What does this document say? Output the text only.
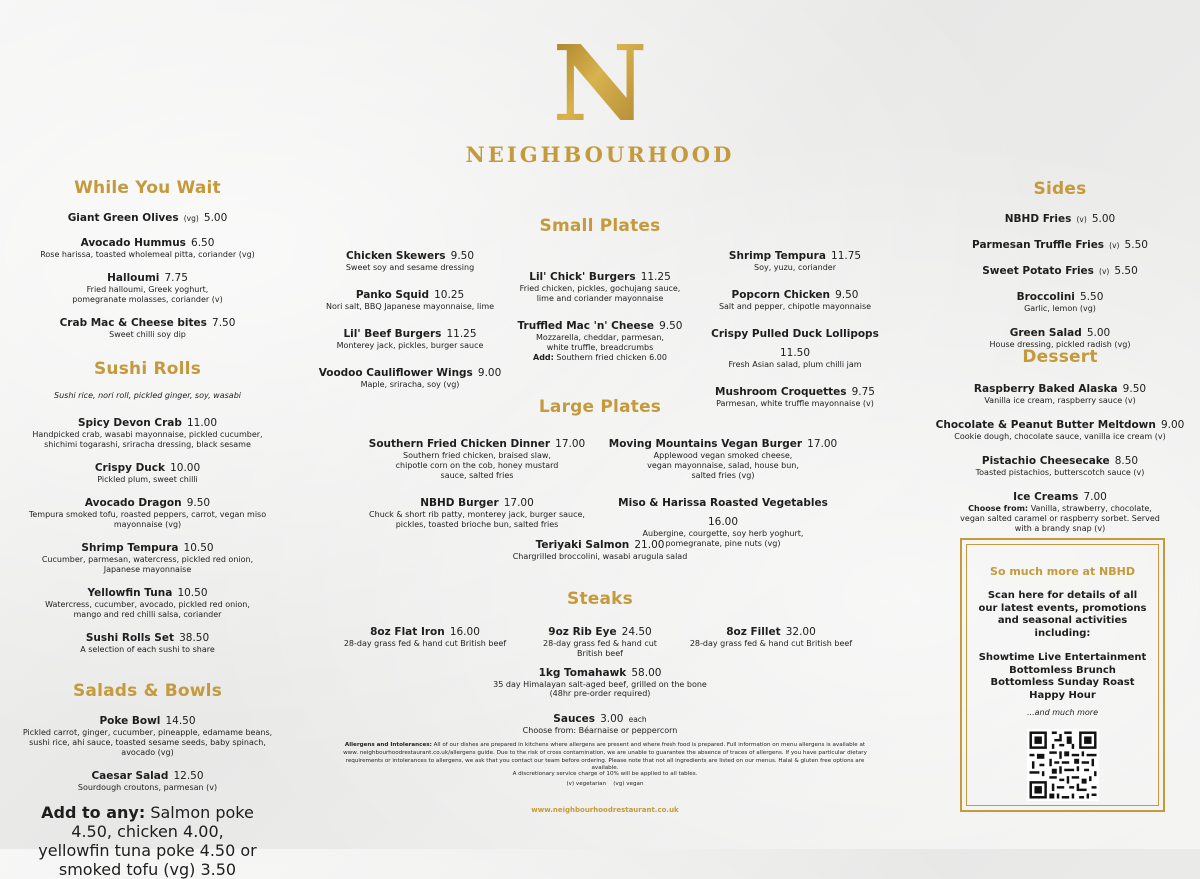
N
NEIGHBOURHOOD
While You Wait
Giant Green Olives (vg) 5.00
Avocado Hummus 6.50
Rose harissa, toasted wholemeal pitta, coriander (vg)
Halloumi 7.75
Fried halloumi, Greek yoghurt, pomegranate molasses, coriander (v)
Crab Mac & Cheese bites 7.50
Sweet chilli soy dip
Sushi Rolls
Sushi rice, nori roll, pickled ginger, soy, wasabi
Spicy Devon Crab 11.00
Handpicked crab, wasabi mayonnaise, pickled cucumber, shichimi togarashi, sriracha dressing, black sesame
Crispy Duck 10.00
Pickled plum, sweet chilli
Avocado Dragon 9.50
Tempura smoked tofu, roasted peppers, carrot, vegan miso mayonnaise (vg)
Shrimp Tempura 10.50
Cucumber, parmesan, watercress, pickled red onion, Japanese mayonnaise
Yellowfin Tuna 10.50
Watercress, cucumber, avocado, pickled red onion, mango and red chilli salsa, coriander
Sushi Rolls Set 38.50
A selection of each sushi to share
Salads & Bowls
Poke Bowl 14.50
Pickled carrot, ginger, cucumber, pineapple, edamame beans, sushi rice, ahi sauce, toasted sesame seeds, baby spinach, avocado (vg)
Caesar Salad 12.50
Sourdough croutons, parmesan (v)
Add to any: Salmon poke 4.50, chicken 4.00, yellowfin tuna poke 4.50 or smoked tofu (vg) 3.50
Small Plates
Chicken Skewers 9.50
Sweet soy and sesame dressing
Panko Squid 10.25
Nori salt, BBQ Japanese mayonnaise, lime
Lil' Beef Burgers 11.25
Monterey jack, pickles, burger sauce
Voodoo Cauliflower Wings 9.00
Maple, sriracha, soy (vg)
Lil' Chick' Burgers 11.25
Fried chicken, pickles, gochujang sauce, lime and coriander mayonnaise
Truffled Mac 'n' Cheese 9.50
Mozzarella, cheddar, parmesan, white truffle, breadcrumbs
Add: Southern fried chicken 6.00
Shrimp Tempura 11.75
Soy, yuzu, coriander
Popcorn Chicken 9.50
Salt and pepper, chipotle mayonnaise
Crispy Pulled Duck Lollipops 11.50
Fresh Asian salad, plum chilli jam
Mushroom Croquettes 9.75
Parmesan, white truffle mayonnaise (v)
Large Plates
Southern Fried Chicken Dinner 17.00
Southern fried chicken, braised slaw, chipotle corn on the cob, honey mustard sauce, salted fries
NBHD Burger 17.00
Chuck & short rib patty, monterey jack, burger sauce, pickles, toasted brioche bun, salted fries
Moving Mountains Vegan Burger 17.00
Applewood vegan smoked cheese, vegan mayonnaise, salad, house bun, salted fries (vg)
Miso & Harissa Roasted Vegetables 16.00
Aubergine, courgette, soy herb yoghurt, pomegranate, pine nuts (vg)
Teriyaki Salmon 21.00
Chargrilled broccolini, wasabi arugula salad
Steaks
8oz Flat Iron 16.00
28-day grass fed & hand cut British beef
9oz Rib Eye 24.50
28-day grass fed & hand cut British beef
8oz Fillet 32.00
28-day grass fed & hand cut British beef
1kg Tomahawk 58.00
35 day Himalayan salt-aged beef, grilled on the bone
(48hr pre-order required)
Sauces 3.00 each
Choose from: Béarnaise or peppercorn
Allergens and Intolerances: All of our dishes are prepared in kitchens where allergens are present and where fresh food is prepared. Full information on menu allergens is available at www. neighbourhoodrestaurant.co.uk/allergens guide. Due to the risk of cross contamination, we are unable to guarantee the absence of traces of allergens. If you have particular dietary requirements or intolerances to allergens, we ask that you contact our team before ordering. Please note that not all ingredients are listed on our menus. Halal & gluten free options are available.
A discretionary service charge of 10% will be applied to all tables.
(v) vegetarian    (vg) vegan
www.neighbourhoodrestaurant.co.uk
Sides
NBHD Fries (v) 5.00
Parmesan Truffle Fries (v) 5.50
Sweet Potato Fries (v) 5.50
Broccolini 5.50
Garlic, lemon (vg)
Green Salad 5.00
House dressing, pickled radish (vg)
Dessert
Raspberry Baked Alaska 9.50
Vanilla ice cream, raspberry sauce (v)
Chocolate & Peanut Butter Meltdown 9.00
Cookie dough, chocolate sauce, vanilla ice cream (v)
Pistachio Cheesecake 8.50
Toasted pistachios, butterscotch sauce (v)
Ice Creams 7.00
Choose from: Vanilla, strawberry, chocolate, vegan salted caramel or raspberry sorbet. Served with a brandy snap (v)
So much more at NBHD
Scan here for details of all our latest events, promotions and seasonal activities including:
Showtime Live Entertainment
Bottomless Brunch
Bottomless Sunday Roast
Happy Hour
...and much more
